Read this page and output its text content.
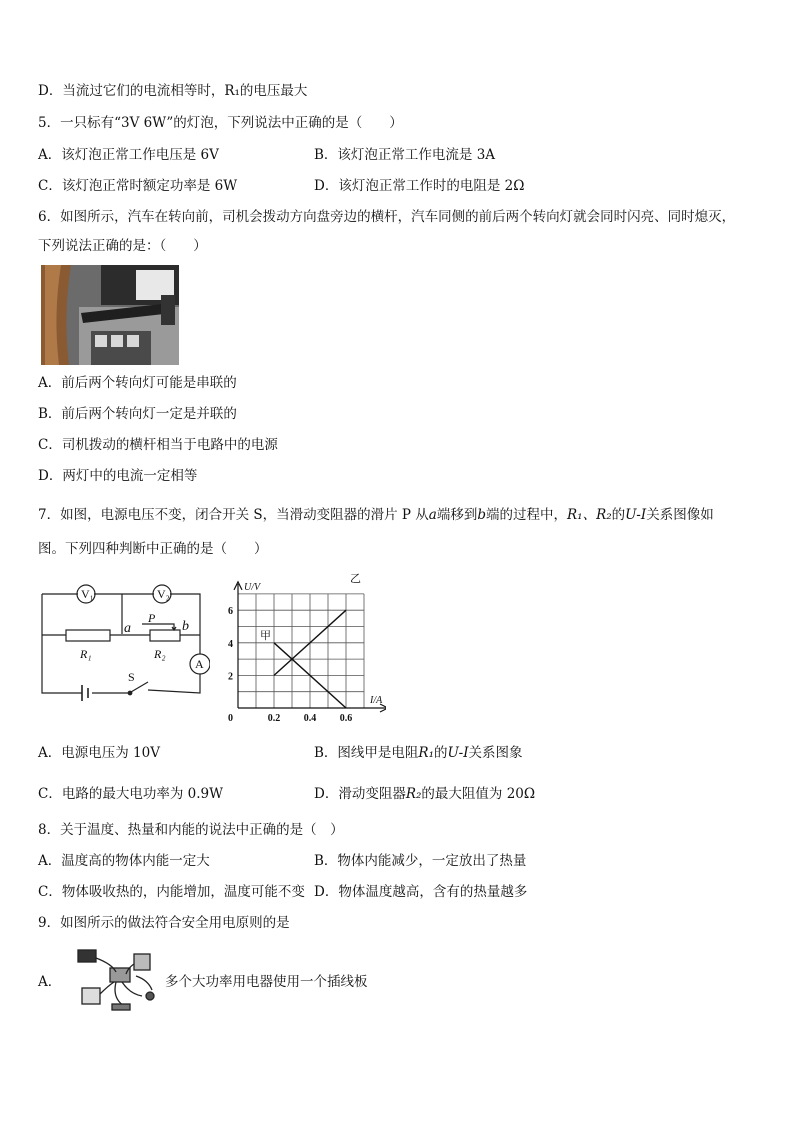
D．当流过它们的电流相等时，R₁的电压最大
5．一只标有“3V 6W”的灯泡，下列说法中正确的是（　　）
A．该灯泡正常工作电压是 6V	B．该灯泡正常工作电流是 3A
C．该灯泡正常时额定功率是 6W	D．该灯泡正常工作时的电阻是 2Ω
6．如图所示，汽车在转向前，司机会拨动方向盘旁边的横杆，汽车同侧的前后两个转向灯就会同时闪亮、同时熄灭，
下列说法正确的是：（　　）
A．前后两个转向灯可能是串联的
B．前后两个转向灯一定是并联的
C．司机拨动的横杆相当于电路中的电源
D．两灯中的电流一定相等
7．如图，电源电压不变，闭合开关 S，当滑动变阻器的滑片 P 从a端移到b端的过程中，R₁、R₂的U-I关系图像如
图。下列四种判断中正确的是（　　）
V₁	V₂
A
R₁	R₂
P
a	b
S
甲
乙
0.2 0.4 0.6
2
4
6
0
I/A
U/V
A．电源电压为 10V	B．图线甲是电阻R₁的U-I关系图象
C．电路的最大电功率为 0.9W	D．滑动变阻器R₂的最大阻值为 20Ω
8．关于温度、热量和内能的说法中正确的是（　）
A．温度高的物体内能一定大	B．物体内能减少，一定放出了热量
C．物体吸收热的，内能增加，温度可能不变 D．物体温度越高，含有的热量越多
9．如图所示的做法符合安全用电原则的是
A．	多个大功率用电器使用一个插线板
